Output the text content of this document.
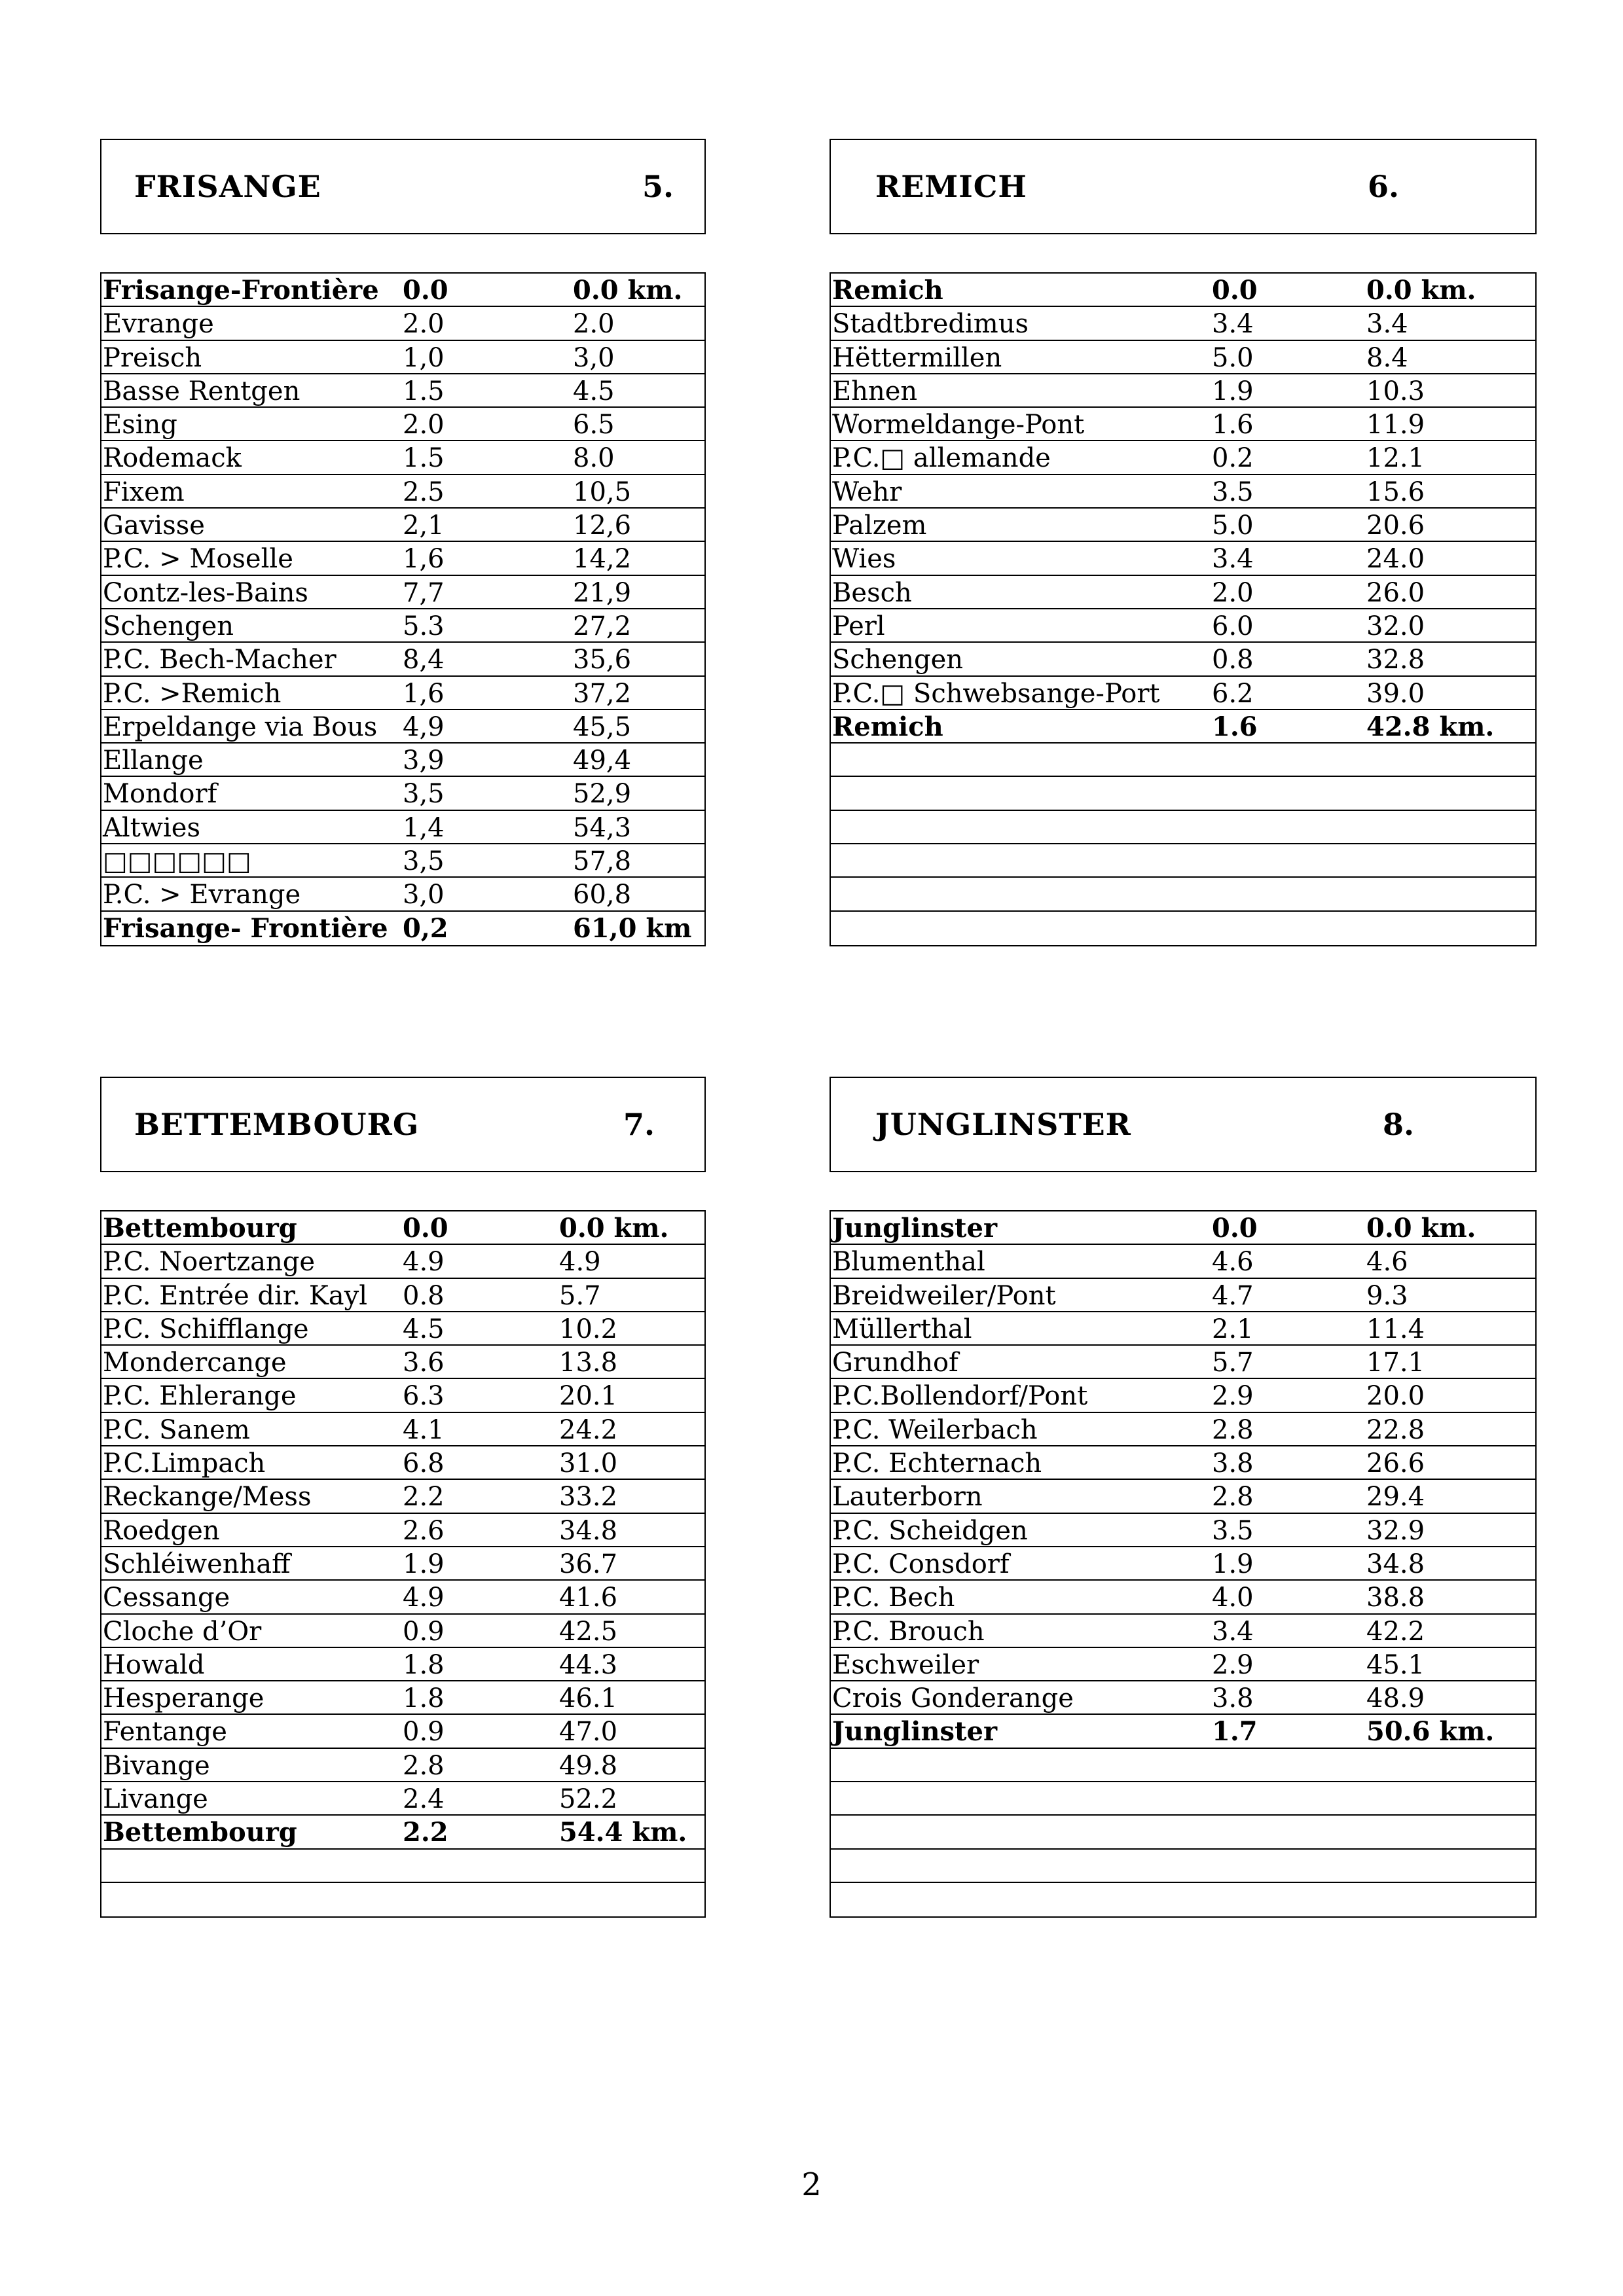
FRISANGE	5.
Frisange-Frontière 0.0	0.0 km.
Evrange	2.0	2.0
Preisch	1,0	3,0
Basse Rentgen	1.5	4.5
Esing	2.0	6.5
Rodemack	1.5	8.0
Fixem	2.5	10,5
Gavisse	2,1	12,6
P.C. > Moselle	1,6	14,2
Contz-les-Bains	7,7	21,9
Schengen	5.3	27,2
P.C. Bech-Macher	8,4	35,6
P.C. >Remich	1,6	37,2
Erpeldange via Bous 4,9	45,5
Ellange	3,9	49,4
Mondorf	3,5	52,9
Altwies	1,4	54,3
□□□□□□	3,5	57,8
P.C. > Evrange	3,0	60,8
Frisange- Frontière 0,2	61,0 km
REMICH	6.
Remich	0.0	0.0 km.
Stadtbredimus	3.4	3.4
Hëttermillen	5.0	8.4
Ehnen	1.9	10.3
Wormeldange-Pont	1.6	11.9
P.C.□ allemande	0.2	12.1
Wehr	3.5	15.6
Palzem	5.0	20.6
Wies	3.4	24.0
Besch	2.0	26.0
Perl	6.0	32.0
Schengen	0.8	32.8
P.C.□ Schwebsange-Port 6.2	39.0
Remich	1.6	42.8 km.
BETTEMBOURG	7.
Bettembourg	0.0	0.0 km.
P.C. Noertzange	4.9	4.9
P.C. Entrée dir. Kayl 0.8	5.7
P.C. Schifflange	4.5	10.2
Mondercange	3.6	13.8
P.C. Ehlerange	6.3	20.1
P.C. Sanem	4.1	24.2
P.C.Limpach	6.8	31.0
Reckange/Mess	2.2	33.2
Roedgen	2.6	34.8
Schléiwenhaff	1.9	36.7
Cessange	4.9	41.6
Cloche d’Or	0.9	42.5
Howald	1.8	44.3
Hesperange	1.8	46.1
Fentange	0.9	47.0
Bivange	2.8	49.8
Livange	2.4	52.2
Bettembourg	2.2	54.4 km.
JUNGLINSTER	8.
Junglinster	0.0	0.0 km.
Blumenthal	4.6	4.6
Breidweiler/Pont	4.7	9.3
Müllerthal	2.1	11.4
Grundhof	5.7	17.1
P.C.Bollendorf/Pont	2.9	20.0
P.C. Weilerbach	2.8	22.8
P.C. Echternach	3.8	26.6
Lauterborn	2.8	29.4
P.C. Scheidgen	3.5	32.9
P.C. Consdorf	1.9	34.8
P.C. Bech	4.0	38.8
P.C. Brouch	3.4	42.2
Eschweiler	2.9	45.1
Crois Gonderange	3.8	48.9
Junglinster	1.7	50.6 km.
2
